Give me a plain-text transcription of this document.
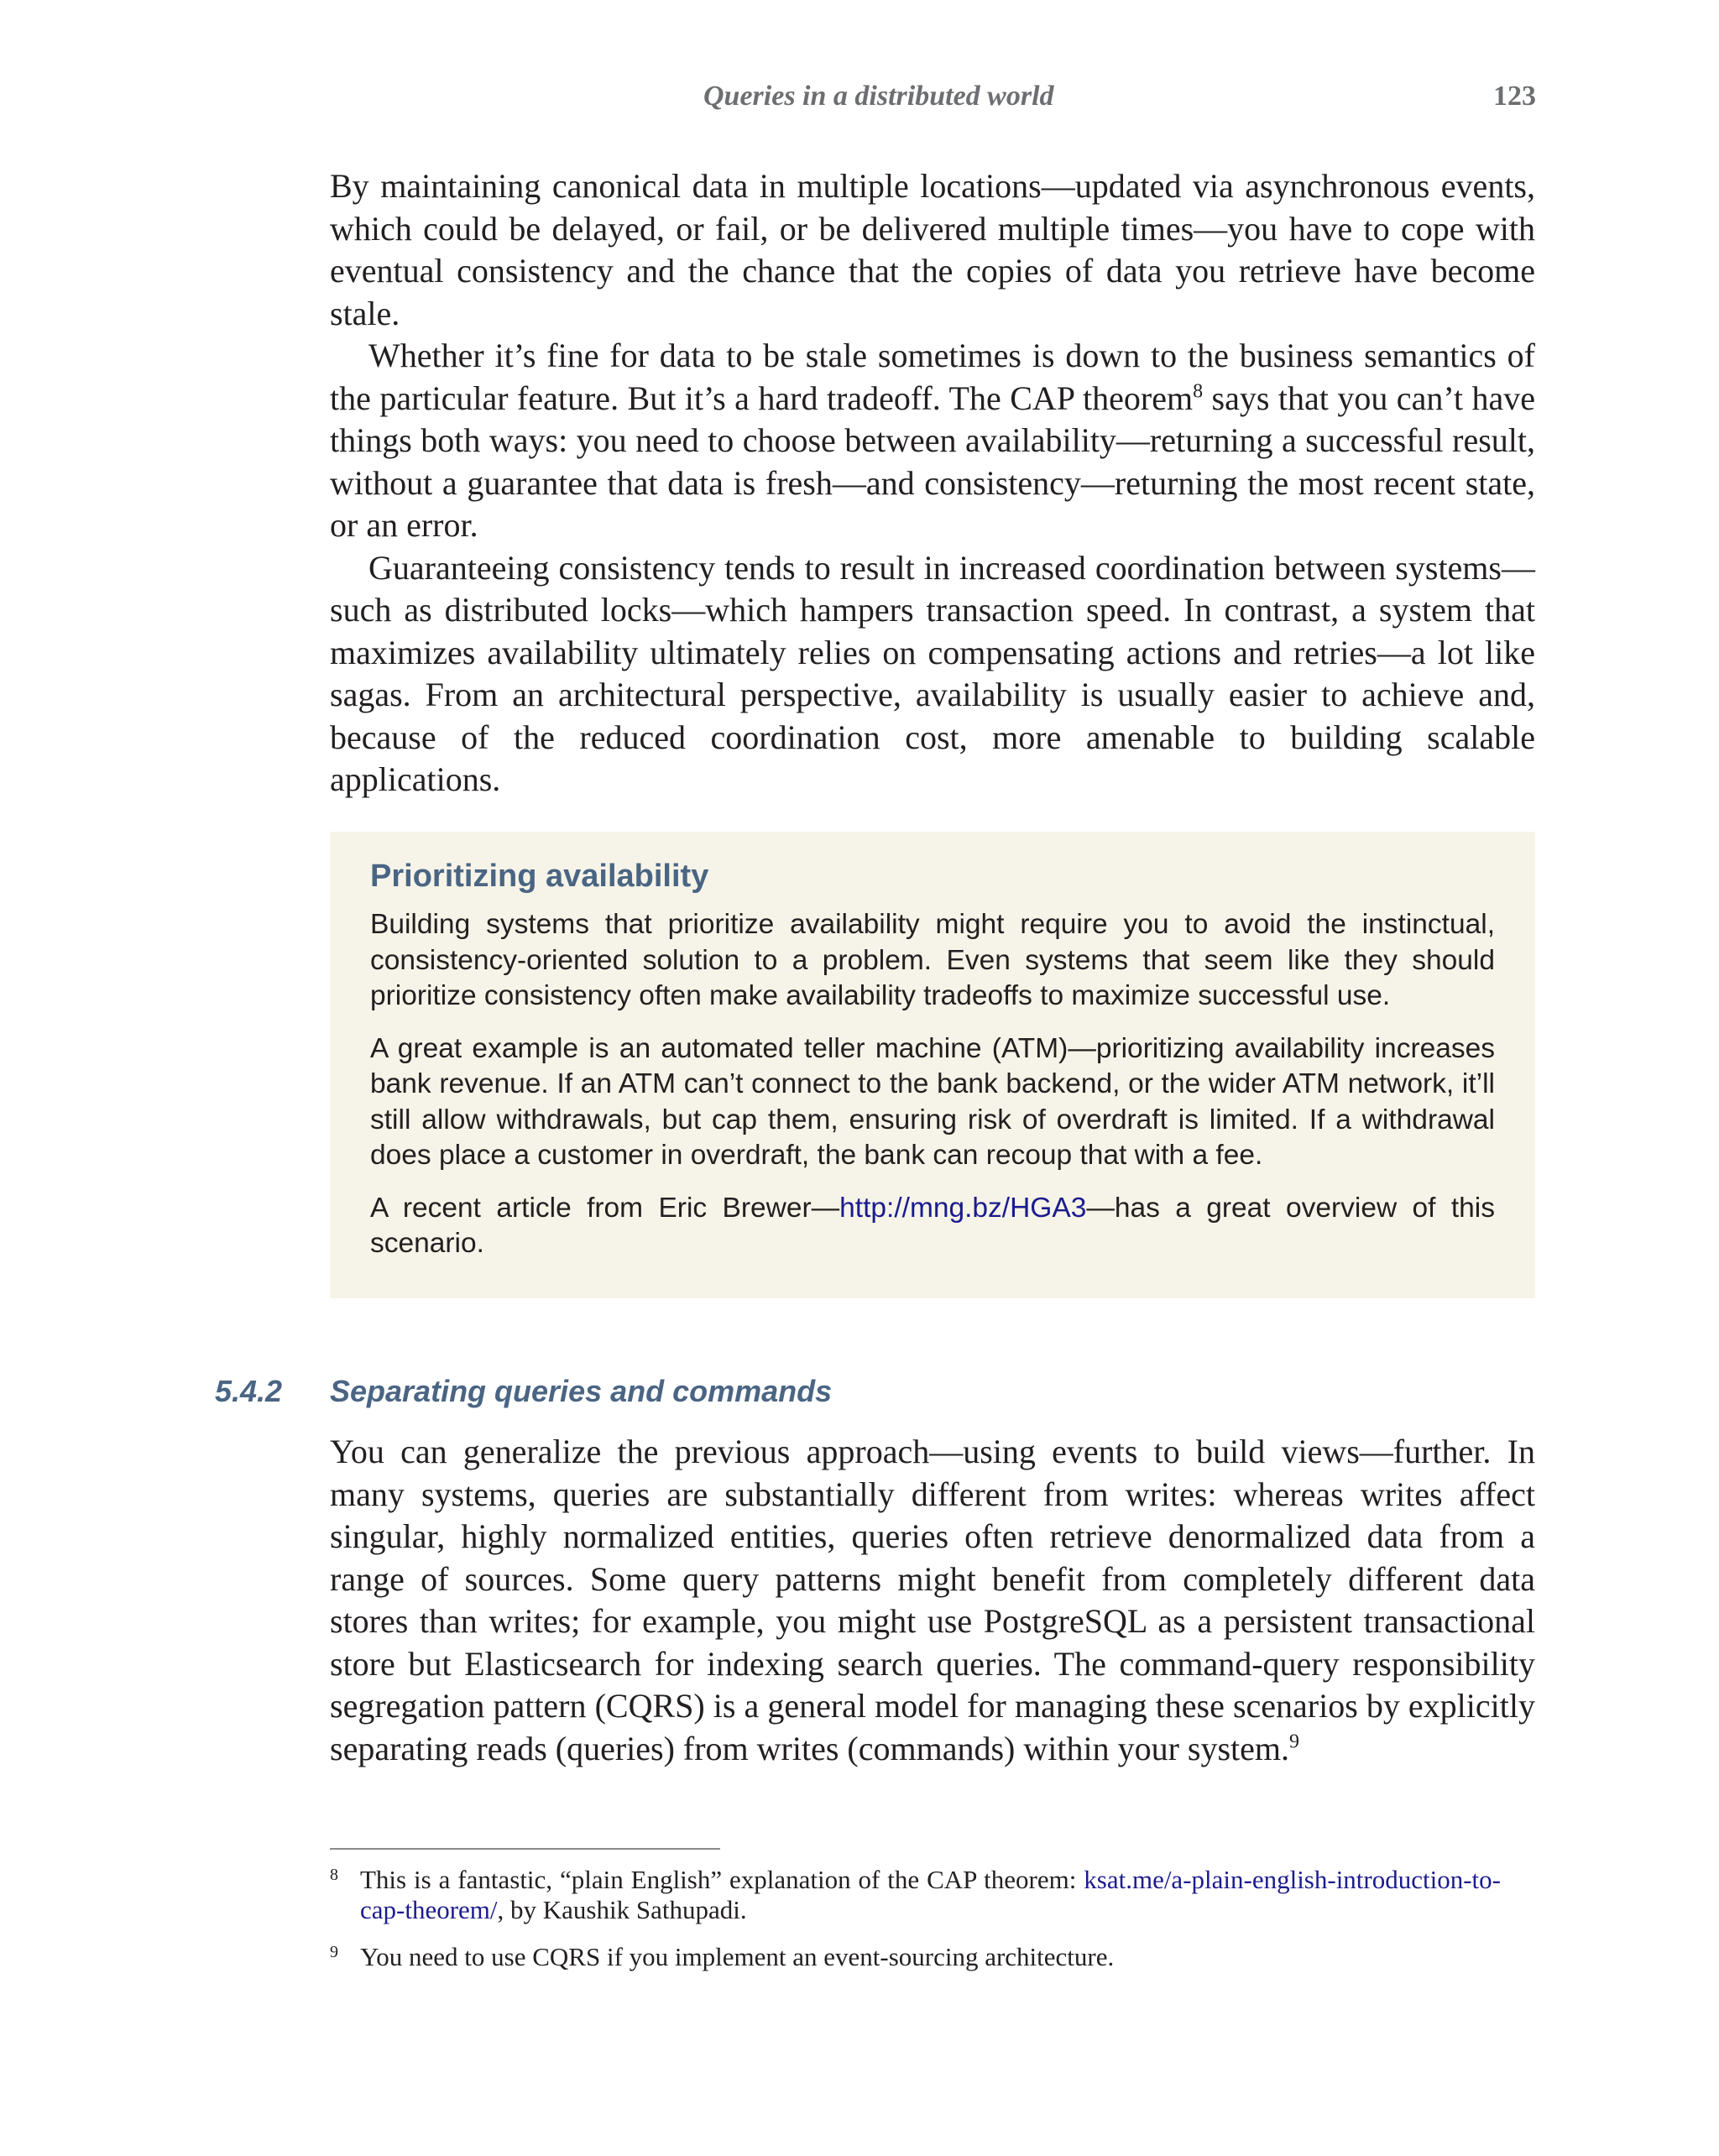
Queries in a distributed world	123

By maintaining canonical data in multiple locations—updated via asynchronous events, which could be delayed, or fail, or be delivered multiple times—you have to cope with eventual consistency and the chance that the copies of data you retrieve have become stale.

Whether it’s fine for data to be stale sometimes is down to the business semantics of the particular feature. But it’s a hard tradeoff. The CAP theorem$^8$ says that you can’t have things both ways: you need to choose between availability—returning a successful result, without a guarantee that data is fresh—and consistency—returning the most recent state, or an error.

Guaranteeing consistency tends to result in increased coordination between systems—such as distributed locks—which hampers transaction speed. In contrast, a system that maximizes availability ultimately relies on compensating actions and retries—a lot like sagas. From an architectural perspective, availability is usually easier to achieve and, because of the reduced coordination cost, more amenable to building scalable applications.

Prioritizing availability

Building systems that prioritize availability might require you to avoid the instinctual, consistency-oriented solution to a problem. Even systems that seem like they should prioritize consistency often make availability tradeoffs to maximize successful use.

A great example is an automated teller machine (ATM)—prioritizing availability increases bank revenue. If an ATM can’t connect to the bank backend, or the wider ATM network, it’ll still allow withdrawals, but cap them, ensuring risk of overdraft is limited. If a withdrawal does place a customer in overdraft, the bank can recoup that with a fee.

A recent article from Eric Brewer—http://mng.bz/HGA3—has a great overview of this scenario.

5.4.2 Separating queries and commands

You can generalize the previous approach—using events to build views—further. In many systems, queries are substantially different from writes: whereas writes affect singular, highly normalized entities, queries often retrieve denormalized data from a range of sources. Some query patterns might benefit from completely different data stores than writes; for example, you might use PostgreSQL as a persistent transactional store but Elasticsearch for indexing search queries. The command-query responsibility segregation pattern (CQRS) is a general model for managing these scenarios by explicitly separating reads (queries) from writes (commands) within your system.$^9$

8 This is a fantastic, “plain English” explanation of the CAP theorem: ksat.me/a-plain-english-introduction-to-cap-theorem/, by Kaushik Sathupadi.
9 You need to use CQRS if you implement an event-sourcing architecture.
